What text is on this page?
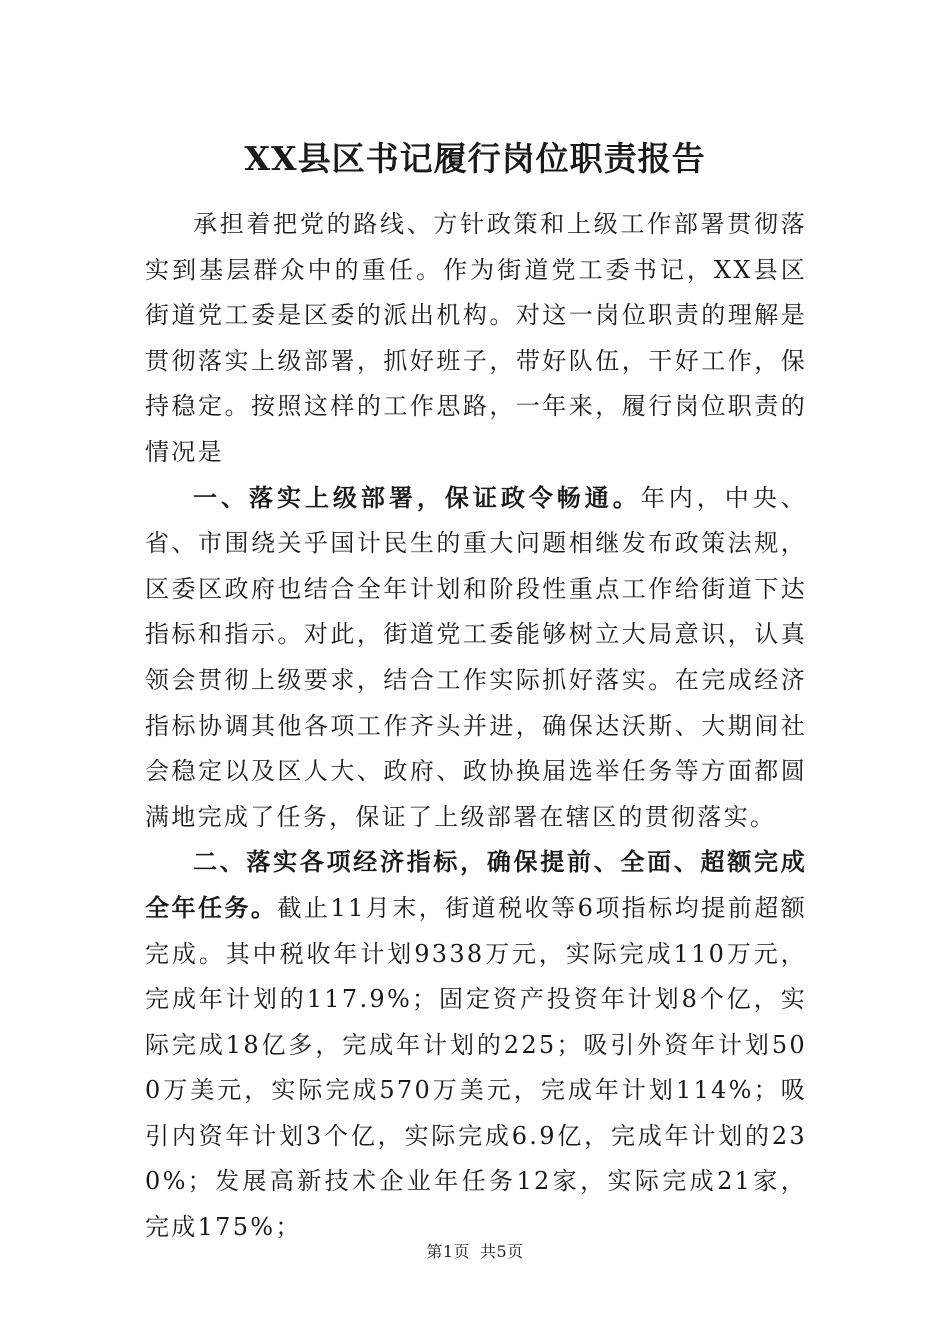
XX县区书记履行岗位职责报告

承担着把党的路线、方针政策和上级工作部署贯彻落实到基层群众中的重任。作为街道党工委书记，XX县区街道党工委是区委的派出机构。对这一岗位职责的理解是贯彻落实上级部署，抓好班子，带好队伍，干好工作，保持稳定。按照这样的工作思路，一年来，履行岗位职责的情况是

一、落实上级部署，保证政令畅通。年内，中央、省、市围绕关乎国计民生的重大问题相继发布政策法规，区委区政府也结合全年计划和阶段性重点工作给街道下达指标和指示。对此，街道党工委能够树立大局意识，认真领会贯彻上级要求，结合工作实际抓好落实。在完成经济指标协调其他各项工作齐头并进，确保达沃斯、大期间社会稳定以及区人大、政府、政协换届选举任务等方面都圆满地完成了任务，保证了上级部署在辖区的贯彻落实。

二、落实各项经济指标，确保提前、全面、超额完成全年任务。截止11月末，街道税收等6项指标均提前超额完成。其中税收年计划9338万元，实际完成110万元，完成年计划的117.9%；固定资产投资年计划8个亿，实际完成18亿多，完成年计划的225；吸引外资年计划500万美元，实际完成570万美元，完成年计划114%；吸引内资年计划3个亿，实际完成6.9亿，完成年计划的230%；发展高新技术企业年任务12家，实际完成21家，完成175%；

第1页 共5页
